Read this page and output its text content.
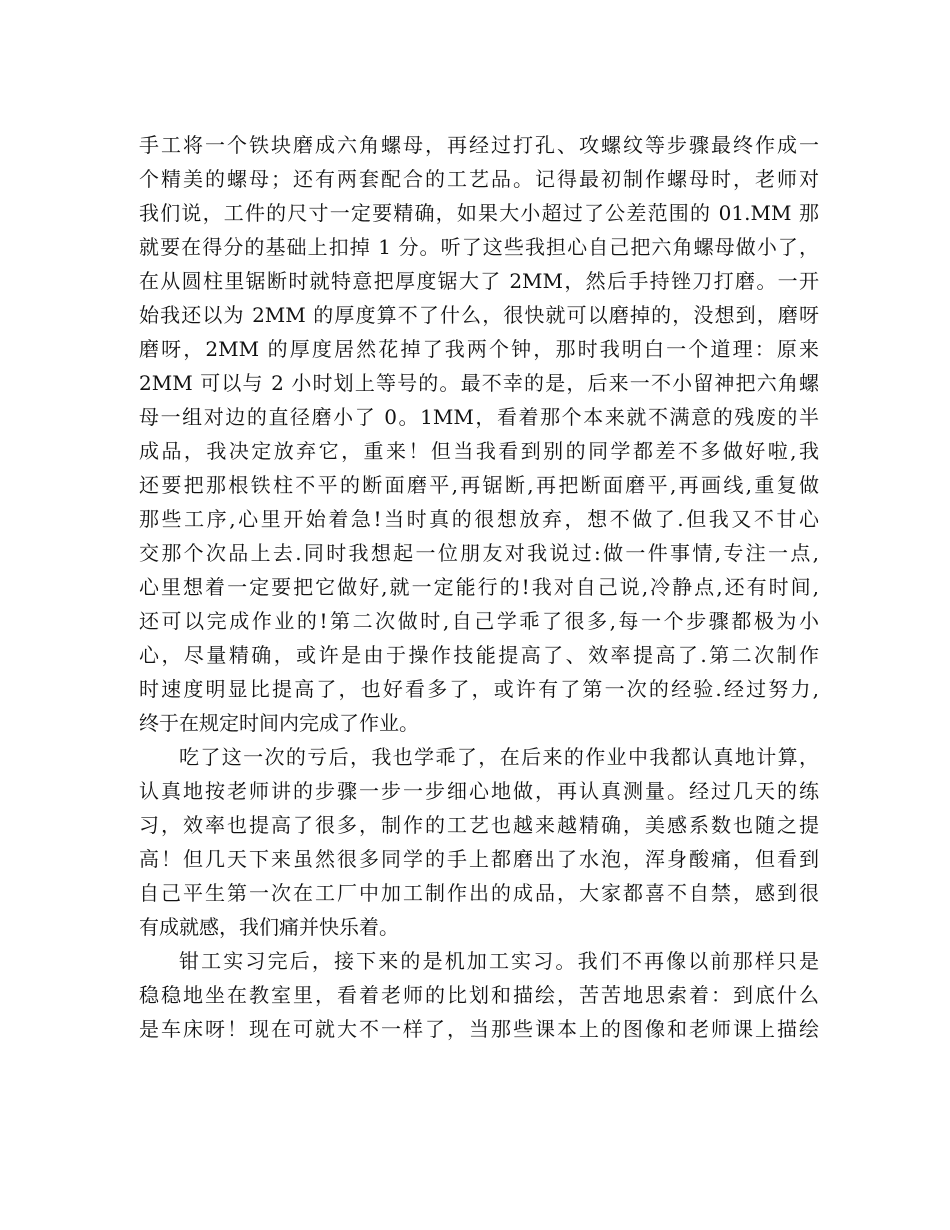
手工将一个铁块磨成六角螺母，再经过打孔、攻螺纹等步骤最终作成一
个精美的螺母；还有两套配合的工艺品。记得最初制作螺母时，老师对
我们说，工件的尺寸一定要精确，如果大小超过了公差范围的 01.MM 那
就要在得分的基础上扣掉 1 分。听了这些我担心自己把六角螺母做小了，
在从圆柱里锯断时就特意把厚度锯大了 2MM，然后手持锉刀打磨。一开
始我还以为 2MM 的厚度算不了什么，很快就可以磨掉的，没想到，磨呀
磨呀，2MM 的厚度居然花掉了我两个钟，那时我明白一个道理：原来
2MM 可以与 2 小时划上等号的。最不幸的是，后来一不小留神把六角螺
母一组对边的直径磨小了 0。1MM，看着那个本来就不满意的残废的半
成品，我决定放弃它，重来！但当我看到别的同学都差不多做好啦,我
还要把那根铁柱不平的断面磨平,再锯断,再把断面磨平,再画线,重复做
那些工序,心里开始着急!当时真的很想放弃，想不做了.但我又不甘心
交那个次品上去.同时我想起一位朋友对我说过:做一件事情,专注一点,
心里想着一定要把它做好,就一定能行的!我对自己说,冷静点,还有时间,
还可以完成作业的!第二次做时,自己学乖了很多,每一个步骤都极为小
心，尽量精确，或许是由于操作技能提高了、效率提高了.第二次制作
时速度明显比提高了，也好看多了，或许有了第一次的经验.经过努力,
终于在规定时间内完成了作业。
吃了这一次的亏后，我也学乖了，在后来的作业中我都认真地计算，
认真地按老师讲的步骤一步一步细心地做，再认真测量。经过几天的练
习，效率也提高了很多，制作的工艺也越来越精确，美感系数也随之提
高！但几天下来虽然很多同学的手上都磨出了水泡，浑身酸痛，但看到
自己平生第一次在工厂中加工制作出的成品，大家都喜不自禁，感到很
有成就感，我们痛并快乐着。
钳工实习完后，接下来的是机加工实习。我们不再像以前那样只是
稳稳地坐在教室里，看着老师的比划和描绘，苦苦地思索着：到底什么
是车床呀！现在可就大不一样了，当那些课本上的图像和老师课上描绘
